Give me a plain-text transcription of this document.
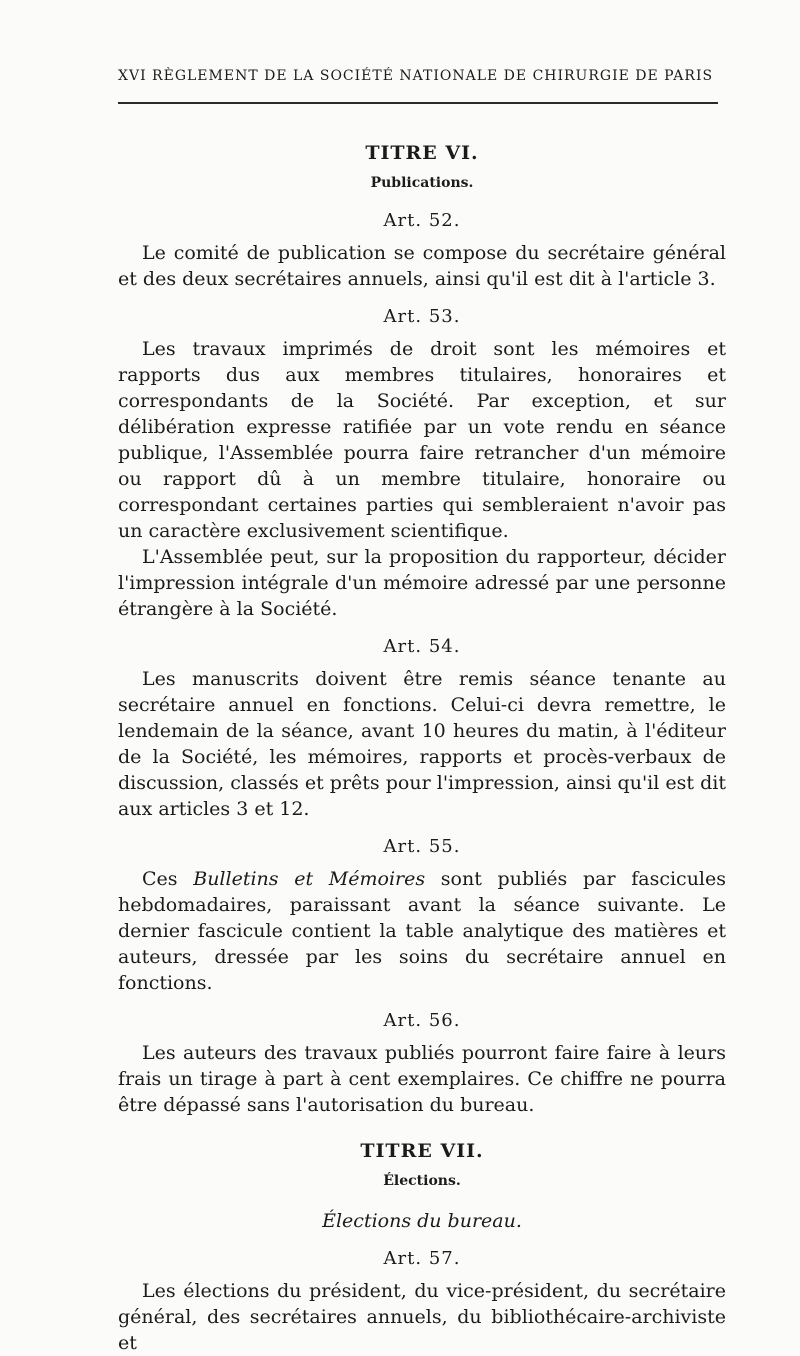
XVI RÈGLEMENT DE LA SOCIÉTÉ NATIONALE DE CHIRURGIE DE PARIS
TITRE VI.
Publications.
Art. 52.

Le comité de publication se compose du secrétaire général et des deux secrétaires annuels, ainsi qu'il est dit à l'article 3.

Art. 53.

Les travaux imprimés de droit sont les mémoires et rapports dus aux membres titulaires, honoraires et correspondants de la Société. Par exception, et sur délibération expresse ratifiée par un vote rendu en séance publique, l'Assemblée pourra faire retrancher d'un mémoire ou rapport dû à un membre titulaire, honoraire ou correspondant certaines parties qui sembleraient n'avoir pas un caractère exclusivement scientifique.

L'Assemblée peut, sur la proposition du rapporteur, décider l'impression intégrale d'un mémoire adressé par une personne étrangère à la Société.

Art. 54.

Les manuscrits doivent être remis séance tenante au secrétaire annuel en fonctions. Celui-ci devra remettre, le lendemain de la séance, avant 10 heures du matin, à l'éditeur de la Société, les mémoires, rapports et procès-verbaux de discussion, classés et prêts pour l'impression, ainsi qu'il est dit aux articles 3 et 12.

Art. 55.

Ces Bulletins et Mémoires sont publiés par fascicules hebdomadaires, paraissant avant la séance suivante. Le dernier fascicule contient la table analytique des matières et auteurs, dressée par les soins du secrétaire annuel en fonctions.

Art. 56.

Les auteurs des travaux publiés pourront faire faire à leurs frais un tirage à part à cent exemplaires. Ce chiffre ne pourra être dépassé sans l'autorisation du bureau.

TITRE VII.
Élections.
Élections du bureau.
Art. 57.

Les élections du président, du vice-président, du secrétaire général, des secrétaires annuels, du bibliothécaire-archiviste et
